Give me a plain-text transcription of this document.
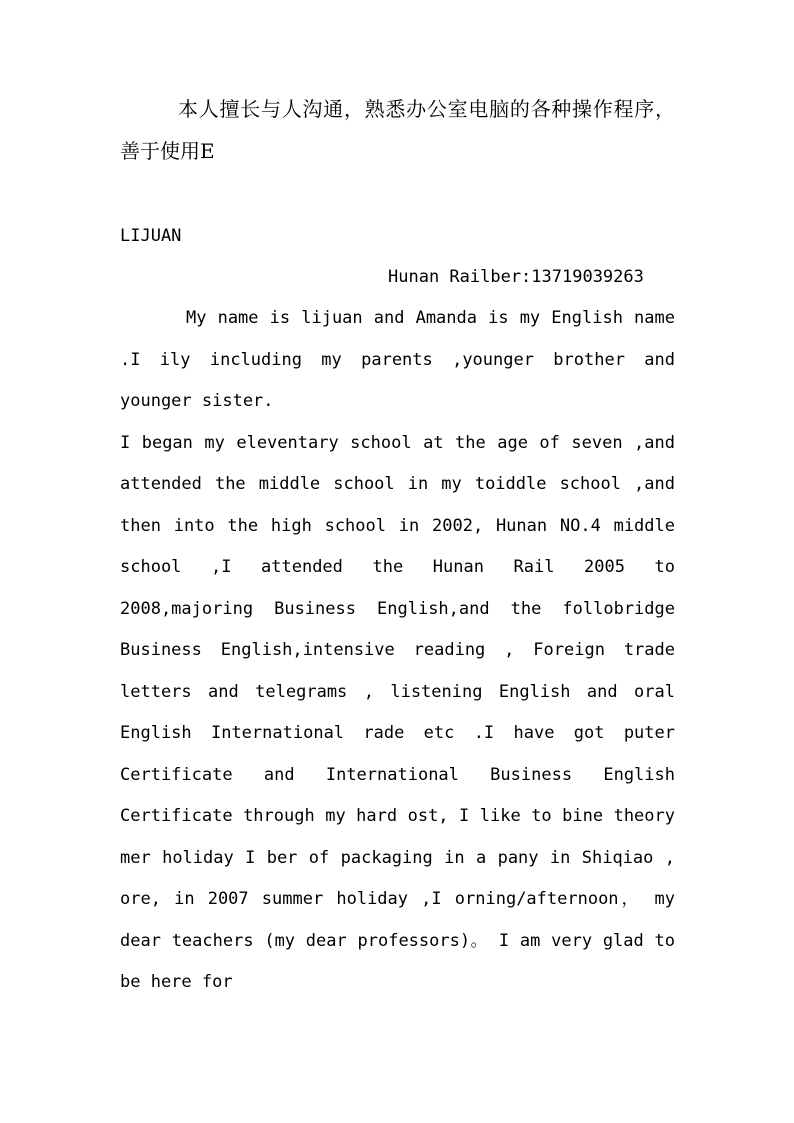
本人擅长与人沟通，熟悉办公室电脑的各种操作程序，善于使用E

LIJUAN
Hunan Railber:13719039263

My name is lijuan and Amanda is my English name .I ily including my parents ,younger brother and younger sister.

I began my eleventary school at the age of seven ,and attended the middle school in my toiddle school ,and then into the high school in 2002, Hunan NO.4 middle school ,I attended the Hunan Rail 2005 to 2008,majoring Business English,and the follobridge Business English,intensive reading , Foreign trade letters and telegrams , listening English and oral English International rade etc .I have got puter Certificate and International Business English Certificate through my hard ost, I like to bine theory mer holiday I ber of packaging in a pany in Shiqiao , ore, in 2007 summer holiday ,I orning/afternoon， my dear teachers (my dear professors)。 I am very glad to be here for
